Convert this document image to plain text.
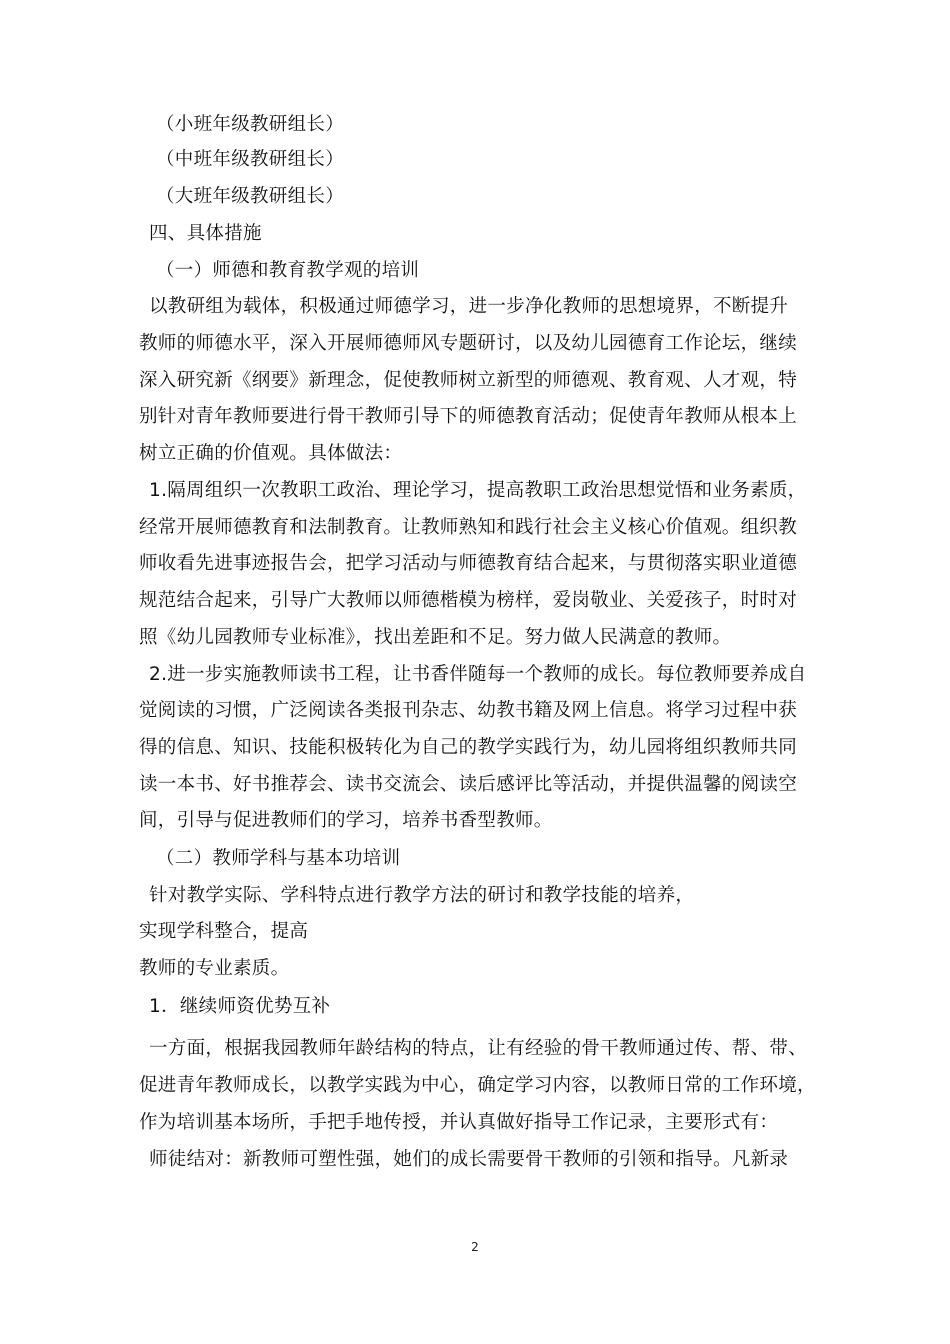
（小班年级教研组长）
（中班年级教研组长）
（大班年级教研组长）
四、具体措施
（一）师德和教育教学观的培训
以教研组为载体，积极通过师德学习，进一步净化教师的思想境界，不断提升
教师的师德水平，深入开展师德师风专题研讨，以及幼儿园德育工作论坛，继续
深入研究新《纲要》新理念，促使教师树立新型的师德观、教育观、人才观，特
别针对青年教师要进行骨干教师引导下的师德教育活动；促使青年教师从根本上
树立正确的价值观。具体做法：
1.隔周组织一次教职工政治、理论学习，提高教职工政治思想觉悟和业务素质，
经常开展师德教育和法制教育。让教师熟知和践行社会主义核心价值观。组织教
师收看先进事迹报告会，把学习活动与师德教育结合起来，与贯彻落实职业道德
规范结合起来，引导广大教师以师德楷模为榜样，爱岗敬业、关爱孩子，时时对
照《幼儿园教师专业标准》，找出差距和不足。努力做人民满意的教师。
2.进一步实施教师读书工程，让书香伴随每一个教师的成长。每位教师要养成自
觉阅读的习惯，广泛阅读各类报刊杂志、幼教书籍及网上信息。将学习过程中获
得的信息、知识、技能积极转化为自己的教学实践行为，幼儿园将组织教师共同
读一本书、好书推荐会、读书交流会、读后感评比等活动，并提供温馨的阅读空
间，引导与促进教师们的学习，培养书香型教师。
（二）教师学科与基本功培训
针对教学实际、学科特点进行教学方法的研讨和教学技能的培养，
实现学科整合，提高
教师的专业素质。
1．继续师资优势互补
一方面，根据我园教师年龄结构的特点，让有经验的骨干教师通过传、帮、带、
促进青年教师成长，以教学实践为中心，确定学习内容，以教师日常的工作环境，
作为培训基本场所，手把手地传授，并认真做好指导工作记录，主要形式有：
师徒结对：新教师可塑性强，她们的成长需要骨干教师的引领和指导。凡新录
2
